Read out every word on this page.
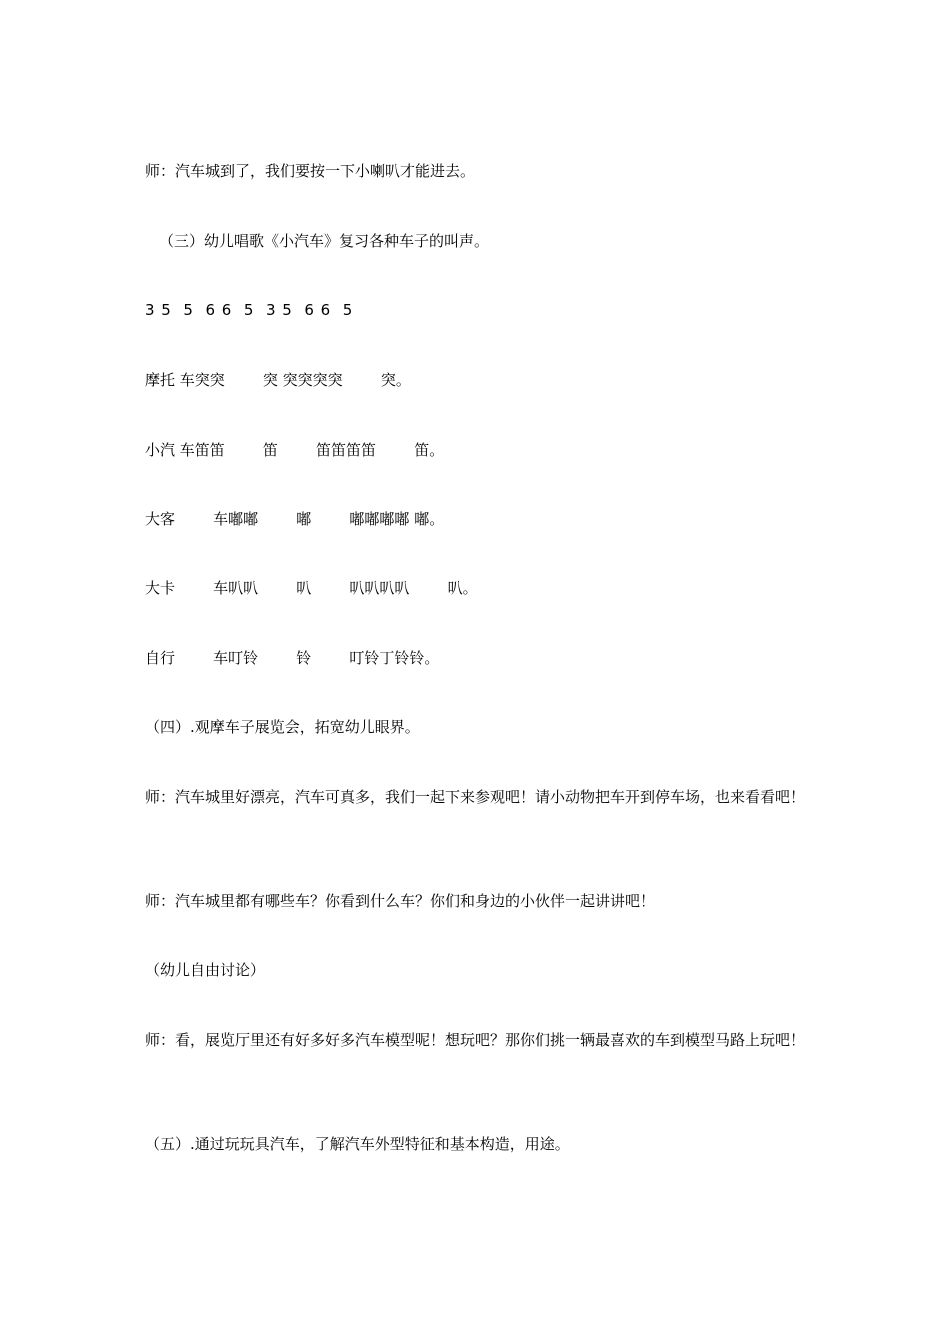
师：汽车城到了，我们要按一下小喇叭才能进去。
（三）幼儿唱歌《小汽车》复习各种车子的叫声。
3 5  5  6 6  5  3 5  6 6  5
摩托 车突突        突 突突突突        突。
小汽 车笛笛        笛        笛笛笛笛        笛。
大客        车嘟嘟        嘟        嘟嘟嘟嘟 嘟。
大卡        车叭叭        叭        叭叭叭叭        叭。
自行        车叮铃        铃        叮铃丁铃铃。
（四）.观摩车子展览会，拓宽幼儿眼界。
师：汽车城里好漂亮，汽车可真多，我们一起下来参观吧！请小动物把车开到停车场，也来看看吧！
师：汽车城里都有哪些车？你看到什么车？你们和身边的小伙伴一起讲讲吧！
（幼儿自由讨论）
师：看，展览厅里还有好多好多汽车模型呢！想玩吧？那你们挑一辆最喜欢的车到模型马路上玩吧！
（五）.通过玩玩具汽车，了解汽车外型特征和基本构造，用途。
